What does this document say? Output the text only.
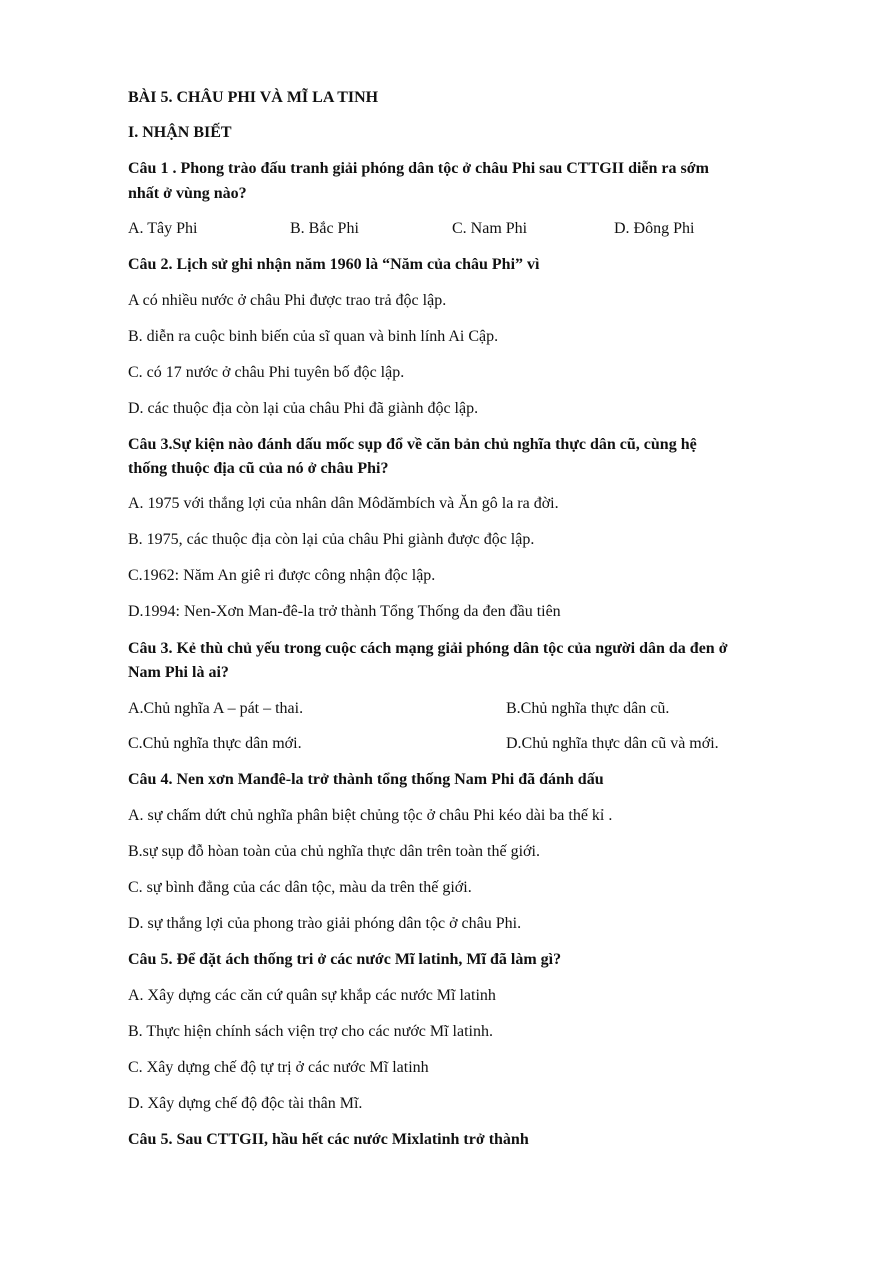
BÀI 5. CHÂU PHI VÀ MĨ LA TINH
I. NHẬN BIẾT
Câu 1 . Phong trào đấu tranh giải phóng dân tộc ở châu Phi sau CTTGII diễn ra sớm
nhất ở vùng nào?
A. Tây Phi	B. Bắc Phi	C. Nam Phi	D. Đông Phi
Câu 2. Lịch sử ghi nhận năm 1960 là “Năm của châu Phi” vì
A có nhiều nước ở châu Phi được trao trả độc lập.
B. diễn ra cuộc binh biến của sĩ quan và binh lính Ai Cập.
C. có 17 nước ở châu Phi tuyên bố độc lập.
D. các thuộc địa còn lại của châu Phi đã giành độc lập.
Câu 3.Sự kiện nào đánh dấu mốc sụp đổ về căn bản chủ nghĩa thực dân cũ, cùng hệ
thống thuộc địa cũ của nó ở châu Phi?
A. 1975 với thắng lợi của nhân dân Môdămbích và Ăn gô la ra đời.
B. 1975, các thuộc địa còn lại của châu Phi giành được độc lập.
C.1962: Năm An giê ri được công nhận độc lập.
D.1994: Nen-Xơn Man-đê-la trở thành Tổng Thống da đen đầu tiên
Câu 3. Kẻ thù chủ yếu trong cuộc cách mạng giải phóng dân tộc của người dân da đen ở
Nam Phi là ai?
A.Chủ nghĩa A – pát – thai.	B.Chủ nghĩa thực dân cũ.
C.Chủ nghĩa thực dân mới.	D.Chủ nghĩa thực dân cũ và mới.
Câu 4. Nen xơn Manđê-la trở thành tổng thống Nam Phi đã đánh dấu
A. sự chấm dứt chủ nghĩa phân biệt chủng tộc ở châu Phi kéo dài ba thế kỉ .
B.sự sụp đỗ hòan toàn của chủ nghĩa thực dân trên toàn thế giới.
C. sự bình đẳng của các dân tộc, màu da trên thế giới.
D. sự thắng lợi của phong trào giải phóng dân tộc ở châu Phi.
Câu 5. Để đặt ách thống tri ở các nước Mĩ latinh, Mĩ đã làm gì?
A. Xây dựng các căn cứ quân sự khắp các nước Mĩ latinh
B. Thực hiện chính sách viện trợ cho các nước Mĩ latinh.
C. Xây dựng chế độ tự trị ở các nước Mĩ latinh
D. Xây dựng chế độ độc tài thân Mĩ.
Câu 5. Sau CTTGII, hầu hết các nước Mixlatinh trở thành
